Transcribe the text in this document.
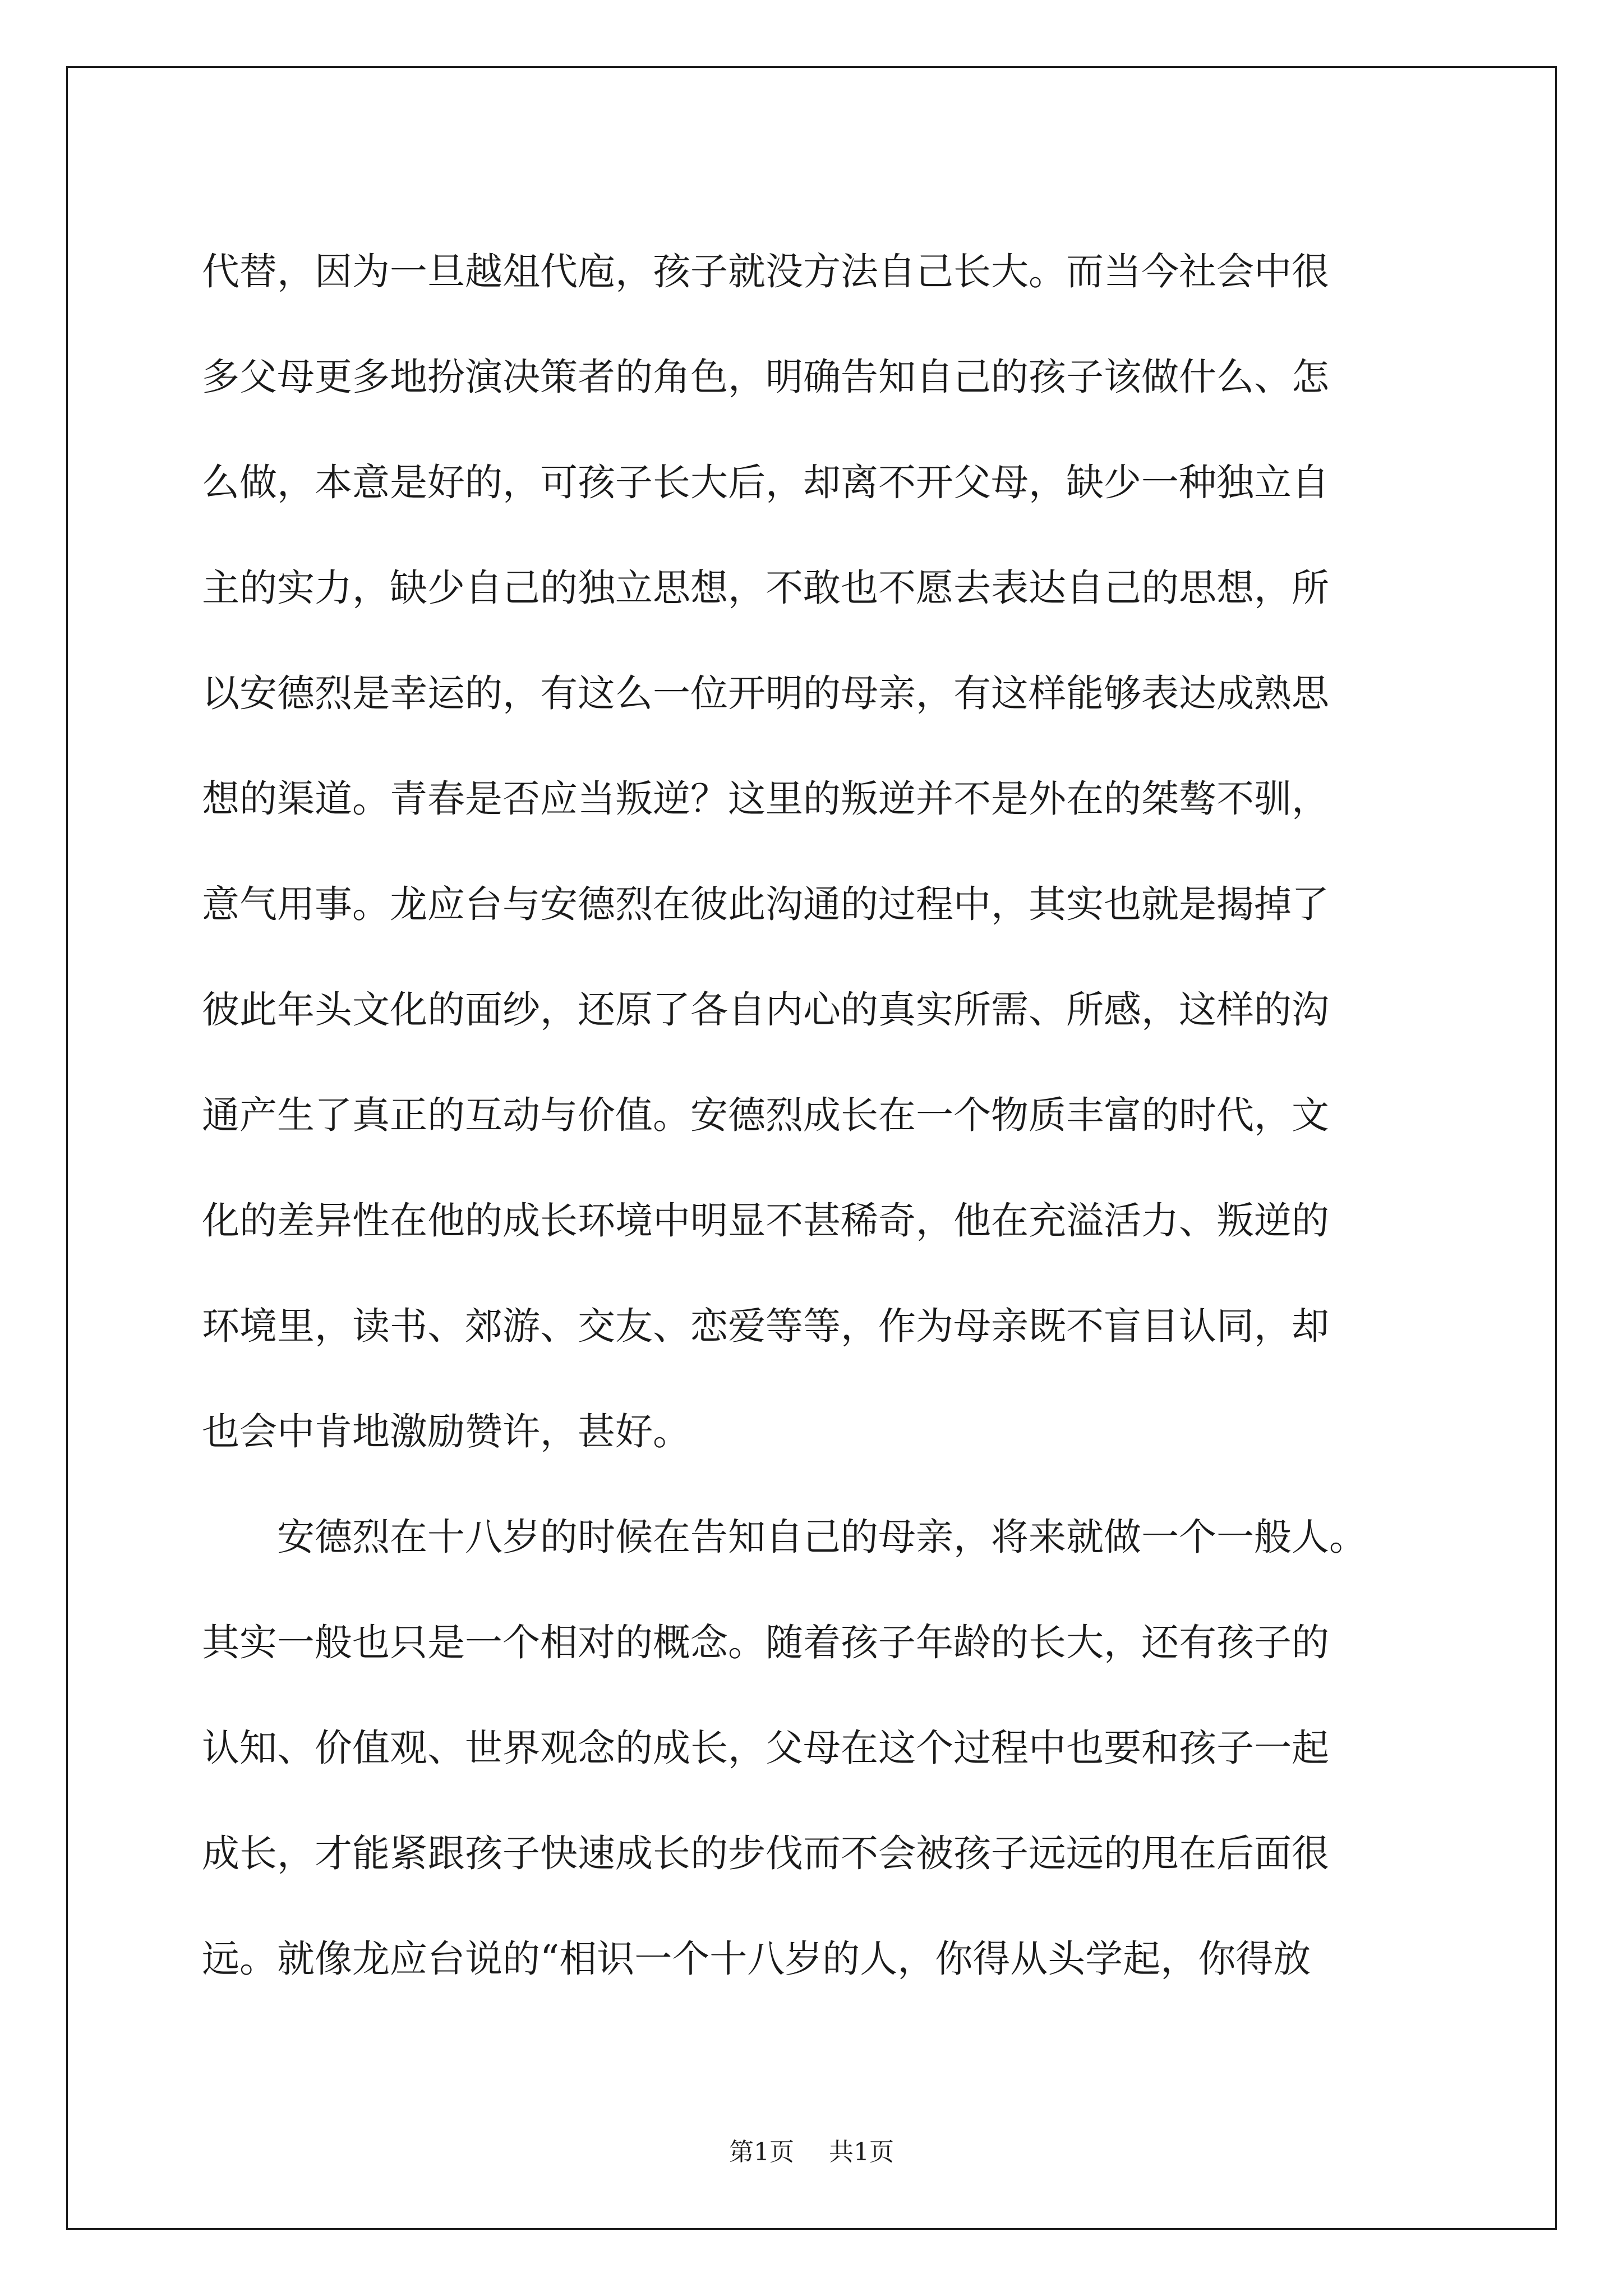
代替，因为一旦越俎代庖，孩子就没方法自己长大。而当今社会中很
多父母更多地扮演决策者的角色，明确告知自己的孩子该做什么、怎
么做，本意是好的，可孩子长大后，却离不开父母，缺少一种独立自
主的实力，缺少自己的独立思想，不敢也不愿去表达自己的思想，所
以安德烈是幸运的，有这么一位开明的母亲，有这样能够表达成熟思
想的渠道。青春是否应当叛逆？这里的叛逆并不是外在的桀骜不驯，
意气用事。龙应台与安德烈在彼此沟通的过程中，其实也就是揭掉了
彼此年头文化的面纱，还原了各自内心的真实所需、所感，这样的沟
通产生了真正的互动与价值。安德烈成长在一个物质丰富的时代，文
化的差异性在他的成长环境中明显不甚稀奇，他在充溢活力、叛逆的
环境里，读书、郊游、交友、恋爱等等，作为母亲既不盲目认同，却
也会中肯地激励赞许，甚好。
安德烈在十八岁的时候在告知自己的母亲，将来就做一个一般人。
其实一般也只是一个相对的概念。随着孩子年龄的长大，还有孩子的
认知、价值观、世界观念的成长，父母在这个过程中也要和孩子一起
成长，才能紧跟孩子快速成长的步伐而不会被孩子远远的甩在后面很
远。就像龙应台说的“相识一个十八岁的人，你得从头学起，你得放
第1页 共1页
